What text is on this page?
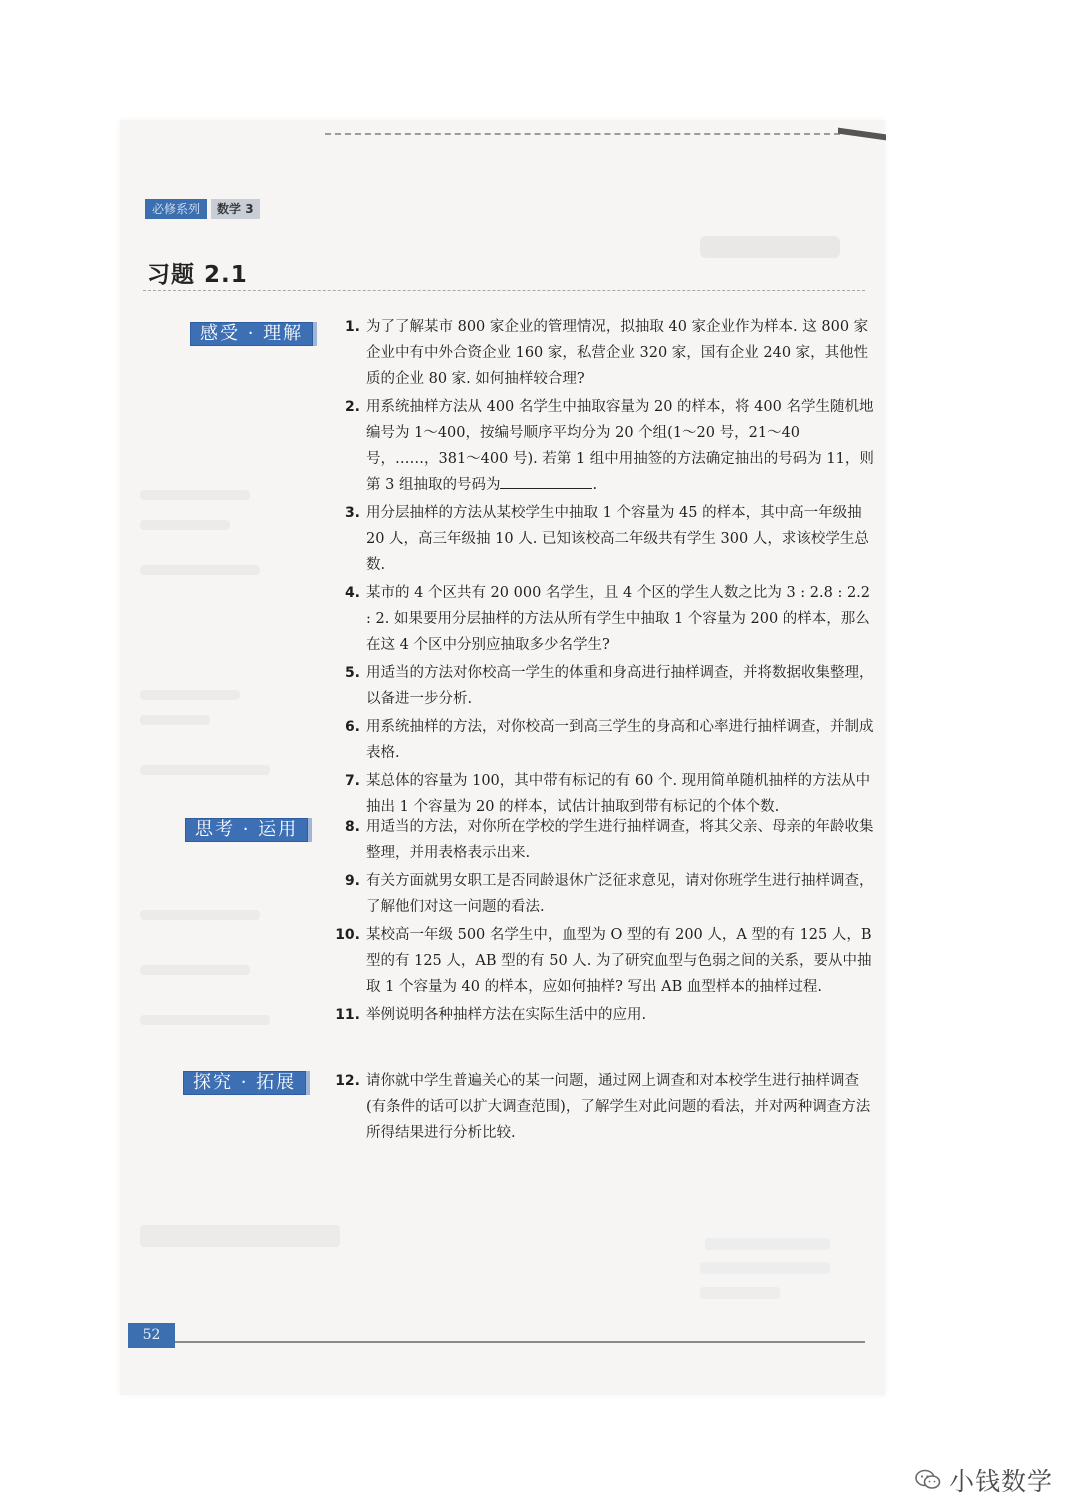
必修系列	数学 3
习题 2.1
感受 · 理解	1. 为了了解某市 800 家企业的管理情况，拟抽取 40 家企业作为样本. 这 800 家企业中有中外合资企业 160 家，私营企业 320 家，国有企业 240 家，其他性质的企业 80 家. 如何抽样较合理?
2. 用系统抽样方法从 400 名学生中抽取容量为 20 的样本，将 400 名学生随机地编号为 1～400，按编号顺序平均分为 20 个组(1～20 号，21～40 号，……，381～400 号). 若第 1 组中用抽签的方法确定抽出的号码为 11，则第 3 组抽取的号码为	.
3. 用分层抽样的方法从某校学生中抽取 1 个容量为 45 的样本，其中高一年级抽 20 人，高三年级抽 10 人. 已知该校高二年级共有学生 300 人，求该校学生总数.
4. 某市的 4 个区共有 20 000 名学生，且 4 个区的学生人数之比为 3 : 2.8 : 2.2 : 2. 如果要用分层抽样的方法从所有学生中抽取 1 个容量为 200 的样本，那么在这 4 个区中分别应抽取多少名学生?
5. 用适当的方法对你校高一学生的体重和身高进行抽样调查，并将数据收集整理，以备进一步分析.
6. 用系统抽样的方法，对你校高一到高三学生的身高和心率进行抽样调查，并制成表格.
7. 某总体的容量为 100，其中带有标记的有 60 个. 现用简单随机抽样的方法从中抽出 1 个容量为 20 的样本，试估计抽取到带有标记的个体个数.
思考 · 运用	8. 用适当的方法，对你所在学校的学生进行抽样调查，将其父亲、母亲的年龄收集整理，并用表格表示出来.
9. 有关方面就男女职工是否同龄退休广泛征求意见，请对你班学生进行抽样调查，了解他们对这一问题的看法.
10. 某校高一年级 500 名学生中，血型为 O 型的有 200 人，A 型的有 125 人，B 型的有 125 人，AB 型的有 50 人. 为了研究血型与色弱之间的关系，要从中抽取 1 个容量为 40 的样本，应如何抽样? 写出 AB 血型样本的抽样过程.
11. 举例说明各种抽样方法在实际生活中的应用.
探究 · 拓展	12. 请你就中学生普遍关心的某一问题，通过网上调查和对本校学生进行抽样调查(有条件的话可以扩大调查范围)，了解学生对此问题的看法，并对两种调查方法所得结果进行分析比较.
52
小钱数学
